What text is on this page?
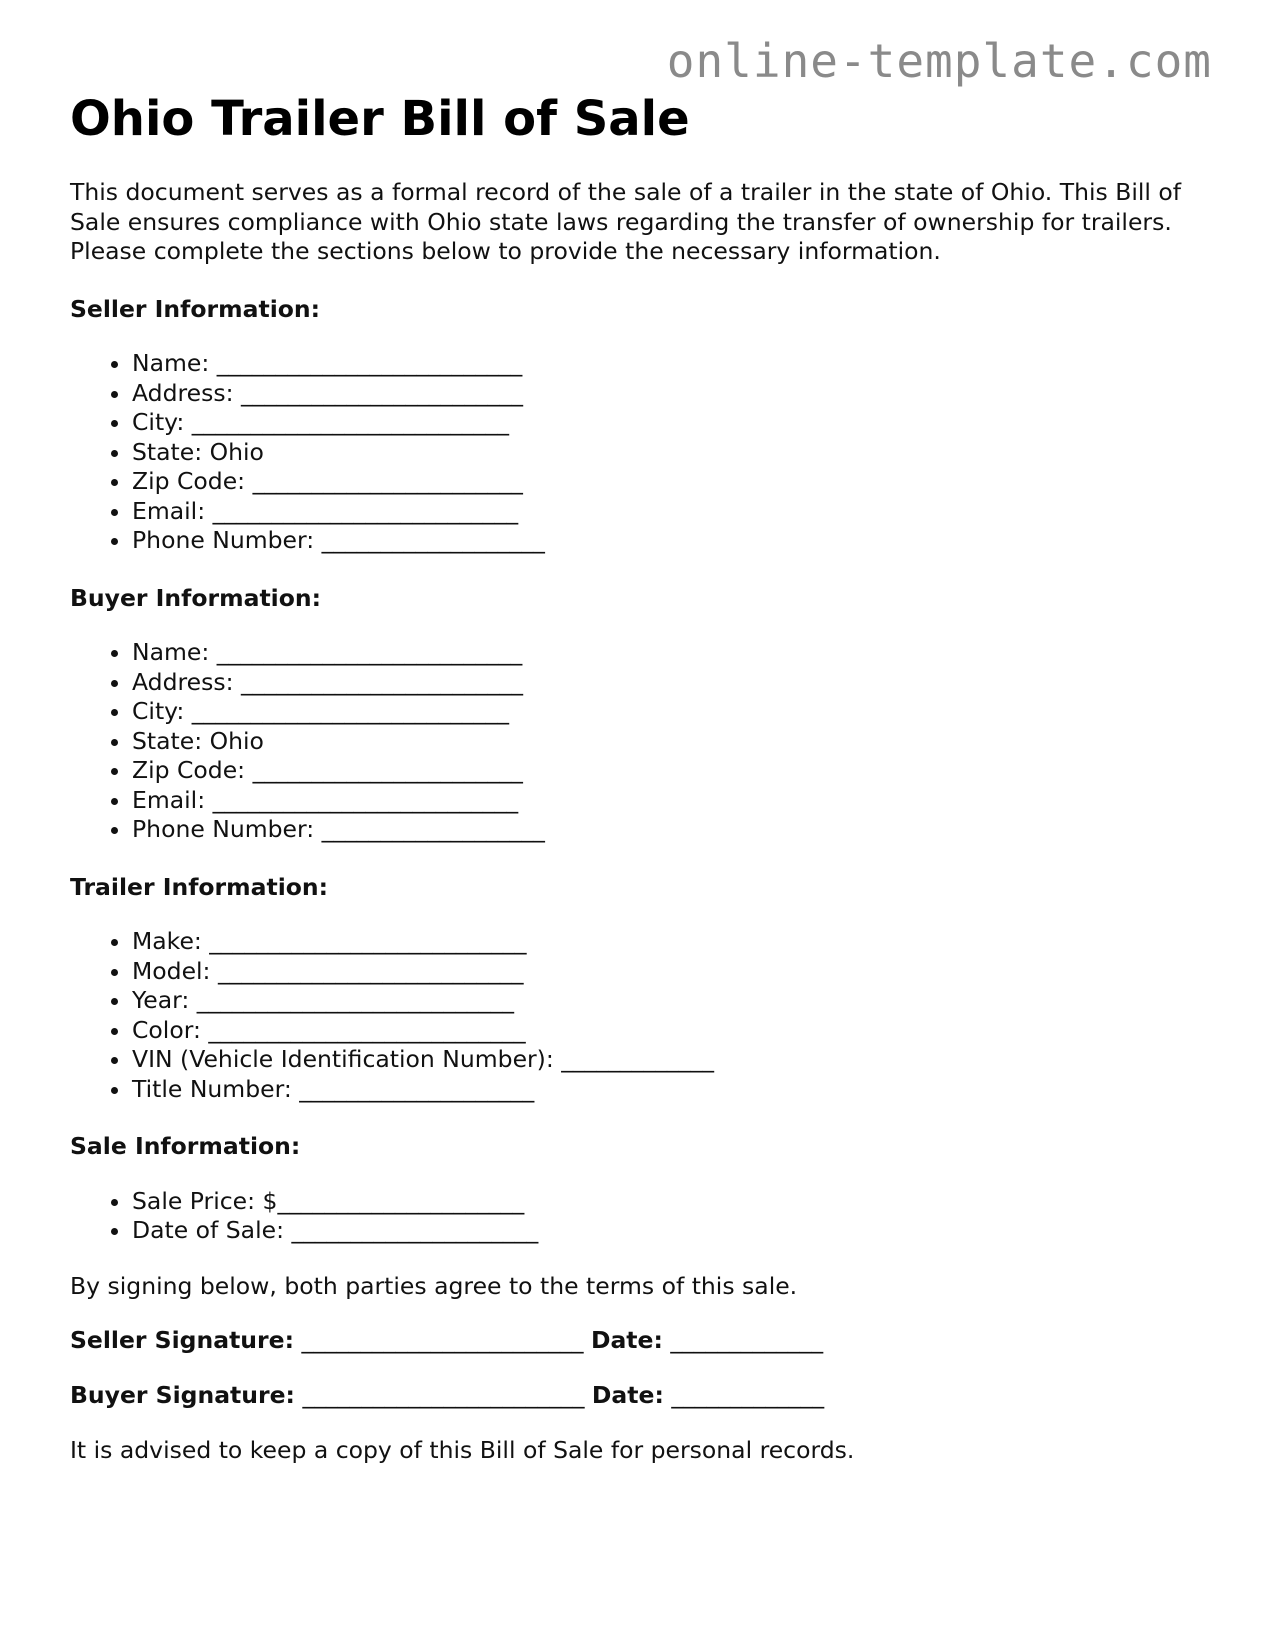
online-template.com
Ohio Trailer Bill of Sale

This document serves as a formal record of the sale of a trailer in the state of Ohio. This Bill of Sale ensures compliance with Ohio state laws regarding the transfer of ownership for trailers. Please complete the sections below to provide the necessary information.

Seller Information:
• Name: __________________________
• Address: ________________________
• City: ___________________________
• State: Ohio
• Zip Code: _______________________
• Email: __________________________
• Phone Number: ___________________
Buyer Information:
• Name: __________________________
• Address: ________________________
• City: ___________________________
• State: Ohio
• Zip Code: _______________________
• Email: __________________________
• Phone Number: ___________________
Trailer Information:
• Make: ___________________________
• Model: __________________________
• Year: ___________________________
• Color: ___________________________
• VIN (Vehicle Identification Number): _____________
• Title Number: ____________________
Sale Information:
• Sale Price: $_____________________
• Date of Sale: _____________________

By signing below, both parties agree to the terms of this sale.

Seller Signature: ________________________ Date: _____________

Buyer Signature: ________________________ Date: _____________

It is advised to keep a copy of this Bill of Sale for personal records.
